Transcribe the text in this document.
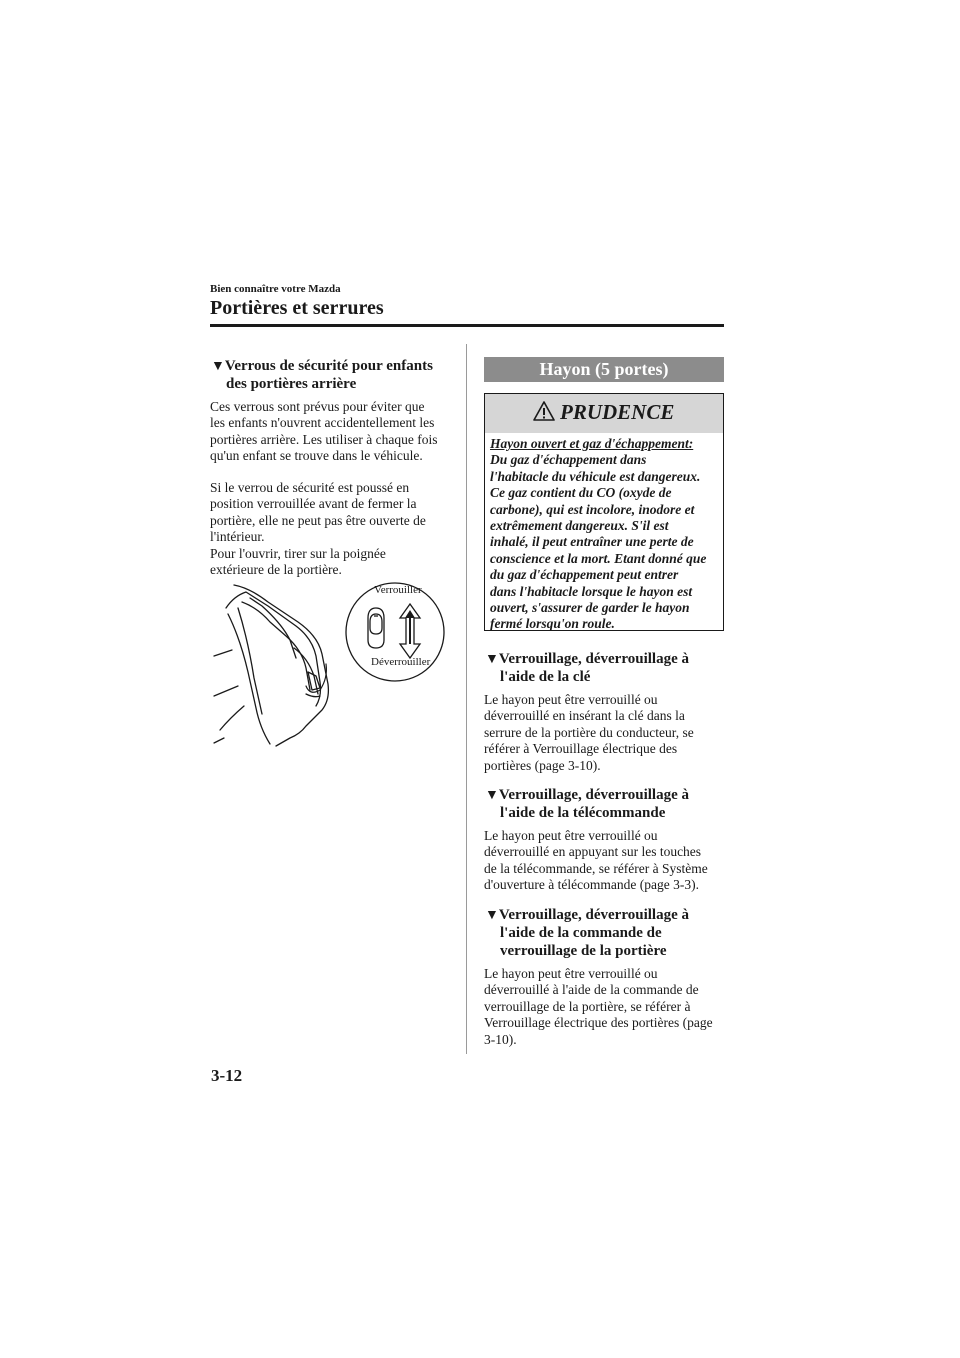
Bien connaître votre Mazda
Portières et serrures
▼Verrous de sécurité pour enfants
des portières arrière
Ces verrous sont prévus pour éviter que
les enfants n'ouvrent accidentellement les
portières arrière. Les utiliser à chaque fois
qu'un enfant se trouve dans le véhicule.
Si le verrou de sécurité est poussé en
position verrouillée avant de fermer la
portière, elle ne peut pas être ouverte de
l'intérieur.
Pour l'ouvrir, tirer sur la poignée
extérieure de la portière.
Verrouiller
Déverrouiller
Hayon (5 portes)
PRUDENCE
Hayon ouvert et gaz d'échappement:
Du gaz d'échappement dans
l'habitacle du véhicule est dangereux.
Ce gaz contient du CO (oxyde de
carbone), qui est incolore, inodore et
extrêmement dangereux. S'il est
inhalé, il peut entraîner une perte de
conscience et la mort. Etant donné que
du gaz d'échappement peut entrer
dans l'habitacle lorsque le hayon est
ouvert, s'assurer de garder le hayon
fermé lorsqu'on roule.
▼Verrouillage, déverrouillage à
l'aide de la clé
Le hayon peut être verrouillé ou
déverrouillé en insérant la clé dans la
serrure de la portière du conducteur, se
référer à Verrouillage électrique des
portières (page 3-10).
▼Verrouillage, déverrouillage à
l'aide de la télécommande
Le hayon peut être verrouillé ou
déverrouillé en appuyant sur les touches
de la télécommande, se référer à Système
d'ouverture à télécommande (page 3-3).
▼Verrouillage, déverrouillage à
l'aide de la commande de
verrouillage de la portière
Le hayon peut être verrouillé ou
déverrouillé à l'aide de la commande de
verrouillage de la portière, se référer à
Verrouillage électrique des portières (page
3-10).
3-12
